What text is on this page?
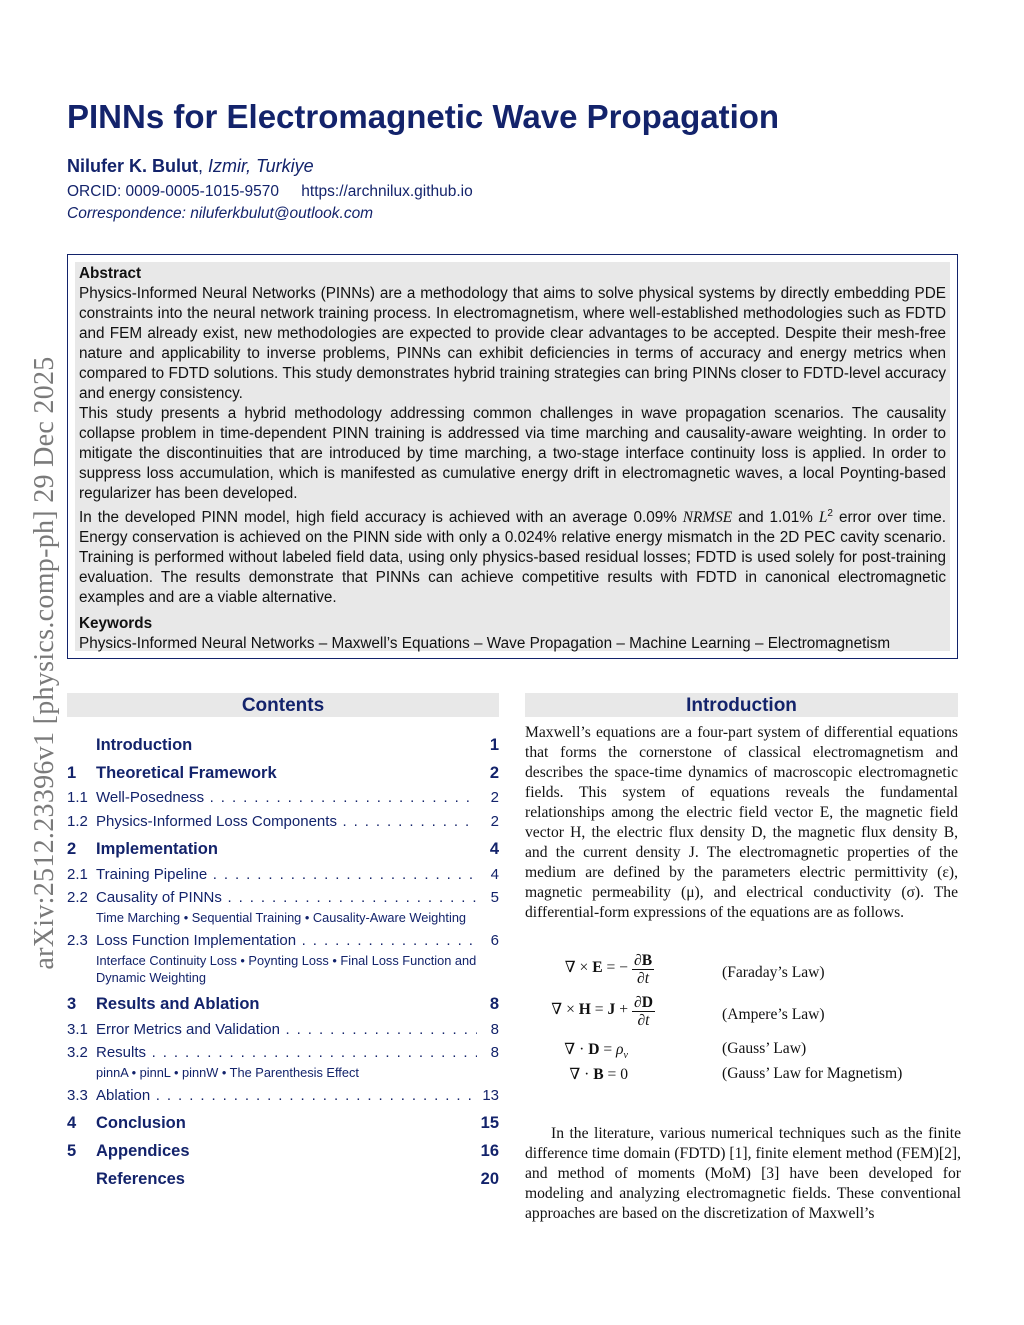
arXiv:2512.23396v1 [physics.comp-ph] 29 Dec 2025
PINNs for Electromagnetic Wave Propagation
Nilufer K. Bulut, Izmir, Turkiye
ORCID: 0009-0005-1015-9570 https://archnilux.github.io
Correspondence: niluferkbulut@outlook.com
Abstract

Physics-Informed Neural Networks (PINNs) are a methodology that aims to solve physical systems by directly embedding PDE constraints into the neural network training process. In electromagnetism, where well-established methodologies such as FDTD and FEM already exist, new methodologies are expected to provide clear advantages to be accepted. Despite their mesh-free nature and applicability to inverse problems, PINNs can exhibit deficiencies in terms of accuracy and energy metrics when compared to FDTD solutions. This study demonstrates hybrid training strategies can bring PINNs closer to FDTD-level accuracy and energy consistency.

This study presents a hybrid methodology addressing common challenges in wave propagation scenarios. The causality collapse problem in time-dependent PINN training is addressed via time marching and causality-aware weighting. In order to mitigate the discontinuities that are introduced by time marching, a two-stage interface continuity loss is applied. In order to suppress loss accumulation, which is manifested as cumulative energy drift in electromagnetic waves, a local Poynting-based regularizer has been developed.

In the developed PINN model, high field accuracy is achieved with an average 0.09% NRMSE and 1.01% $L^2$ error over time. Energy conservation is achieved on the PINN side with only a 0.024% relative energy mismatch in the 2D PEC cavity scenario. Training is performed without labeled field data, using only physics-based residual losses; FDTD is used solely for post-training evaluation. The results demonstrate that PINNs can achieve competitive results with FDTD in canonical electromagnetic examples and are a viable alternative.

Keywords
Physics-Informed Neural Networks – Maxwell’s Equations – Wave Propagation – Machine Learning – Electromagnetism
Contents
Introduction	1
1	Theoretical Framework	2
1.1 Well-Posedness . . .	2
1.2 Physics-Informed Loss Components . . .	2
2	Implementation	4
2.1 Training Pipeline . . .	4
2.2 Causality of PINNs . . .	5
Time Marching • Sequential Training • Causality-Aware Weighting
2.3 Loss Function Implementation . . .	6
Interface Continuity Loss • Poynting Loss • Final Loss Function and Dynamic Weighting
3	Results and Ablation	8
3.1 Error Metrics and Validation . . .	8
3.2 Results . . .	8
pinnA • pinnL • pinnW • The Parenthesis Effect
3.3 Ablation . . .	13
4	Conclusion	15
5	Appendices	16
References	20
Introduction
Maxwell’s equations are a four-part system of differential equations that forms the cornerstone of classical electromagnetism and describes the space-time dynamics of macroscopic electromagnetic fields. This system of equations reveals the fundamental relationships among the electric field vector E, the magnetic field vector H, the electric flux density D, the magnetic flux density B, and the current density J. The electromagnetic properties of the medium are defined by the parameters electric permittivity (ε), magnetic permeability (μ), and electrical conductivity (σ). The differential-form expressions of the equations are as follows.
∇ × E = − $\frac{\partial B}{\partial t}$	(Faraday’s Law)
∇ × $H = J + \frac{\partial D}{\partial t}$	(Ampere’s Law)
∇ · $D = \rho_v$	(Gauss’ Law)
∇ · B = 0	(Gauss’ Law for Magnetism)
In the literature, various numerical techniques such as the finite difference time domain (FDTD) [1], finite element method (FEM)[2], and method of moments (MoM) [3] have been developed for modeling and analyzing electromagnetic fields. These conventional approaches are based on the discretization of Maxwell’s
